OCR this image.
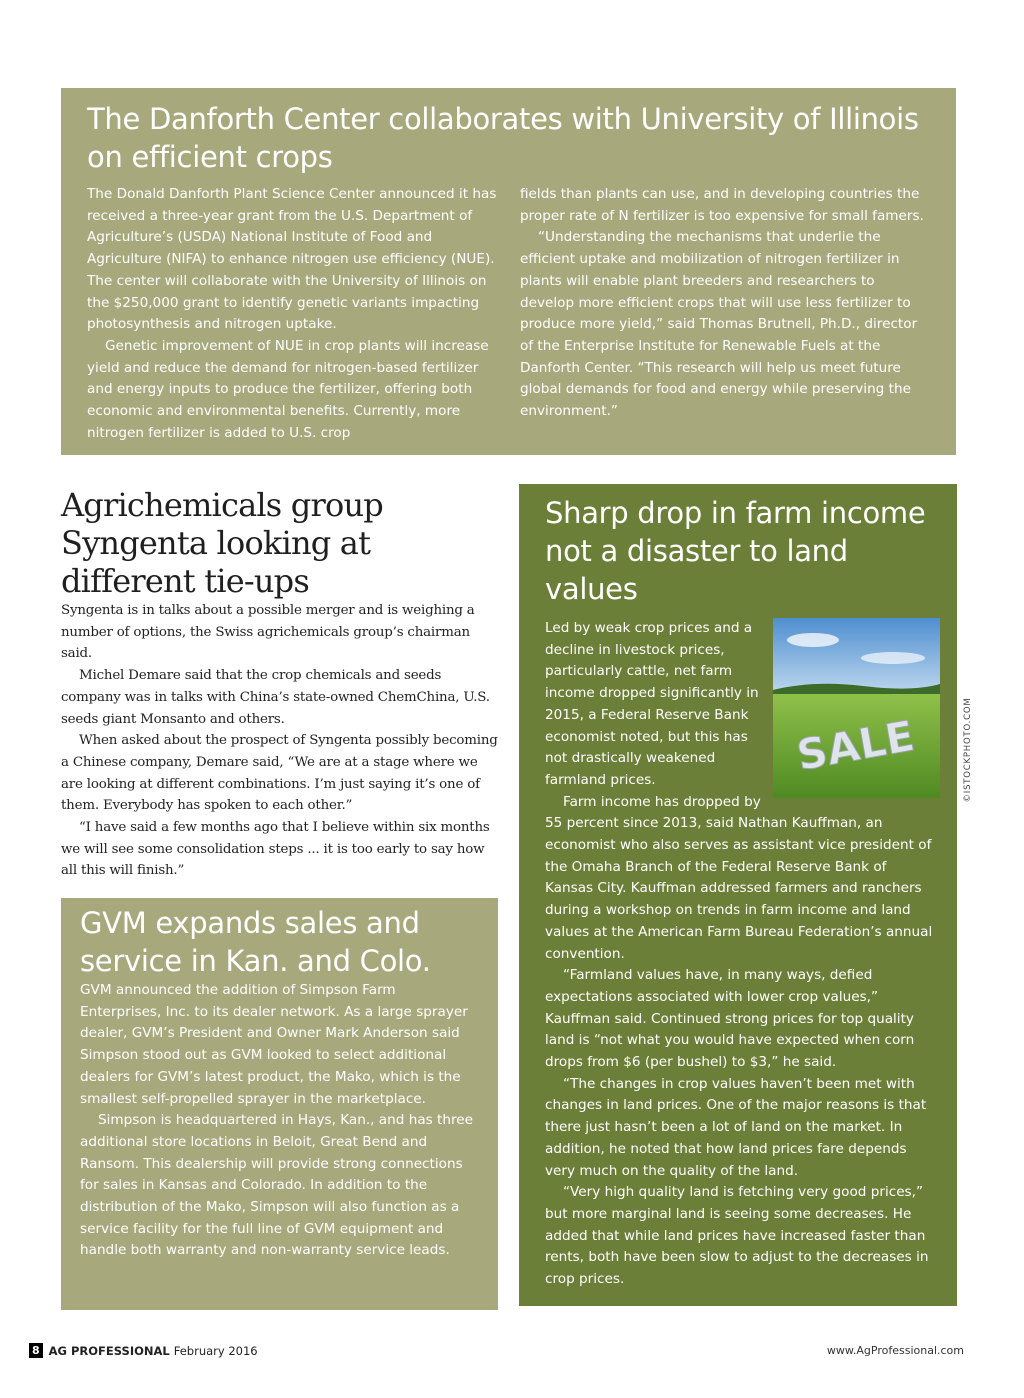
The Danforth Center collaborates with University of Illinois on efficient crops

The Donald Danforth Plant Science Center announced it has received a three-year grant from the U.S. Department of Agriculture’s (USDA) National Institute of Food and Agriculture (NIFA) to enhance nitrogen use efficiency (NUE). The center will collaborate with the University of Illinois on the $250,000 grant to identify genetic variants impacting photosynthesis and nitrogen uptake.

Genetic improvement of NUE in crop plants will increase yield and reduce the demand for nitrogen-based fertilizer and energy inputs to produce the fertilizer, offering both economic and environmental benefits. Currently, more nitrogen fertilizer is added to U.S. crop

fields than plants can use, and in developing countries the proper rate of N fertilizer is too expensive for small famers.

“Understanding the mechanisms that underlie the efficient uptake and mobilization of nitrogen fertilizer in plants will enable plant breeders and researchers to develop more efficient crops that will use less fertilizer to produce more yield,” said Thomas Brutnell, Ph.D., director of the Enterprise Institute for Renewable Fuels at the Danforth Center. “This research will help us meet future global demands for food and energy while preserving the environment.”

Agrichemicals group Syngenta looking at different tie-ups

Syngenta is in talks about a possible merger and is weighing a number of options, the Swiss agrichemicals group’s chairman said.

Michel Demare said that the crop chemicals and seeds company was in talks with China’s state-owned ChemChina, U.S. seeds giant Monsanto and others.

When asked about the prospect of Syngenta possibly becoming a Chinese company, Demare said, “We are at a stage where we are looking at different combinations. I’m just saying it’s one of them. Everybody has spoken to each other.”

“I have said a few months ago that I believe within six months we will see some consolidation steps ... it is too early to say how all this will finish.”

GVM expands sales and service in Kan. and Colo.

GVM announced the addition of Simpson Farm Enterprises, Inc. to its dealer network. As a large sprayer dealer, GVM’s President and Owner Mark Anderson said Simpson stood out as GVM looked to select additional dealers for GVM’s latest product, the Mako, which is the smallest self-propelled sprayer in the marketplace.

Simpson is headquartered in Hays, Kan., and has three additional store locations in Beloit, Great Bend and Ransom. This dealership will provide strong connections for sales in Kansas and Colorado. In addition to the distribution of the Mako, Simpson will also function as a service facility for the full line of GVM equipment and handle both warranty and non-warranty service leads.

Sharp drop in farm income not a disaster to land values
SALE

Led by weak crop prices and a decline in livestock prices, particularly cattle, net farm income dropped significantly in 2015, a Federal Reserve Bank economist noted, but this has not drastically weakened farmland prices.

Farm income has dropped by 55 percent since 2013, said Nathan Kauffman, an economist who also serves as assistant vice president of the Omaha Branch of the Federal Reserve Bank of Kansas City. Kauffman addressed farmers and ranchers during a workshop on trends in farm income and land values at the American Farm Bureau Federation’s annual convention.

“Farmland values have, in many ways, defied expectations associated with lower crop values,” Kauffman said. Continued strong prices for top quality land is “not what you would have expected when corn drops from $6 (per bushel) to $3,” he said.

“The changes in crop values haven’t been met with changes in land prices. One of the major reasons is that there just hasn’t been a lot of land on the market. In addition, he noted that how land prices fare depends very much on the quality of the land.

“Very high quality land is fetching very good prices,” but more marginal land is seeing some decreases. He added that while land prices have increased faster than rents, both have been slow to adjust to the decreases in crop prices.

©ISTOCKPHOTO.COM
8 AG PROFESSIONAL February 2016	www.AgProfessional.com
